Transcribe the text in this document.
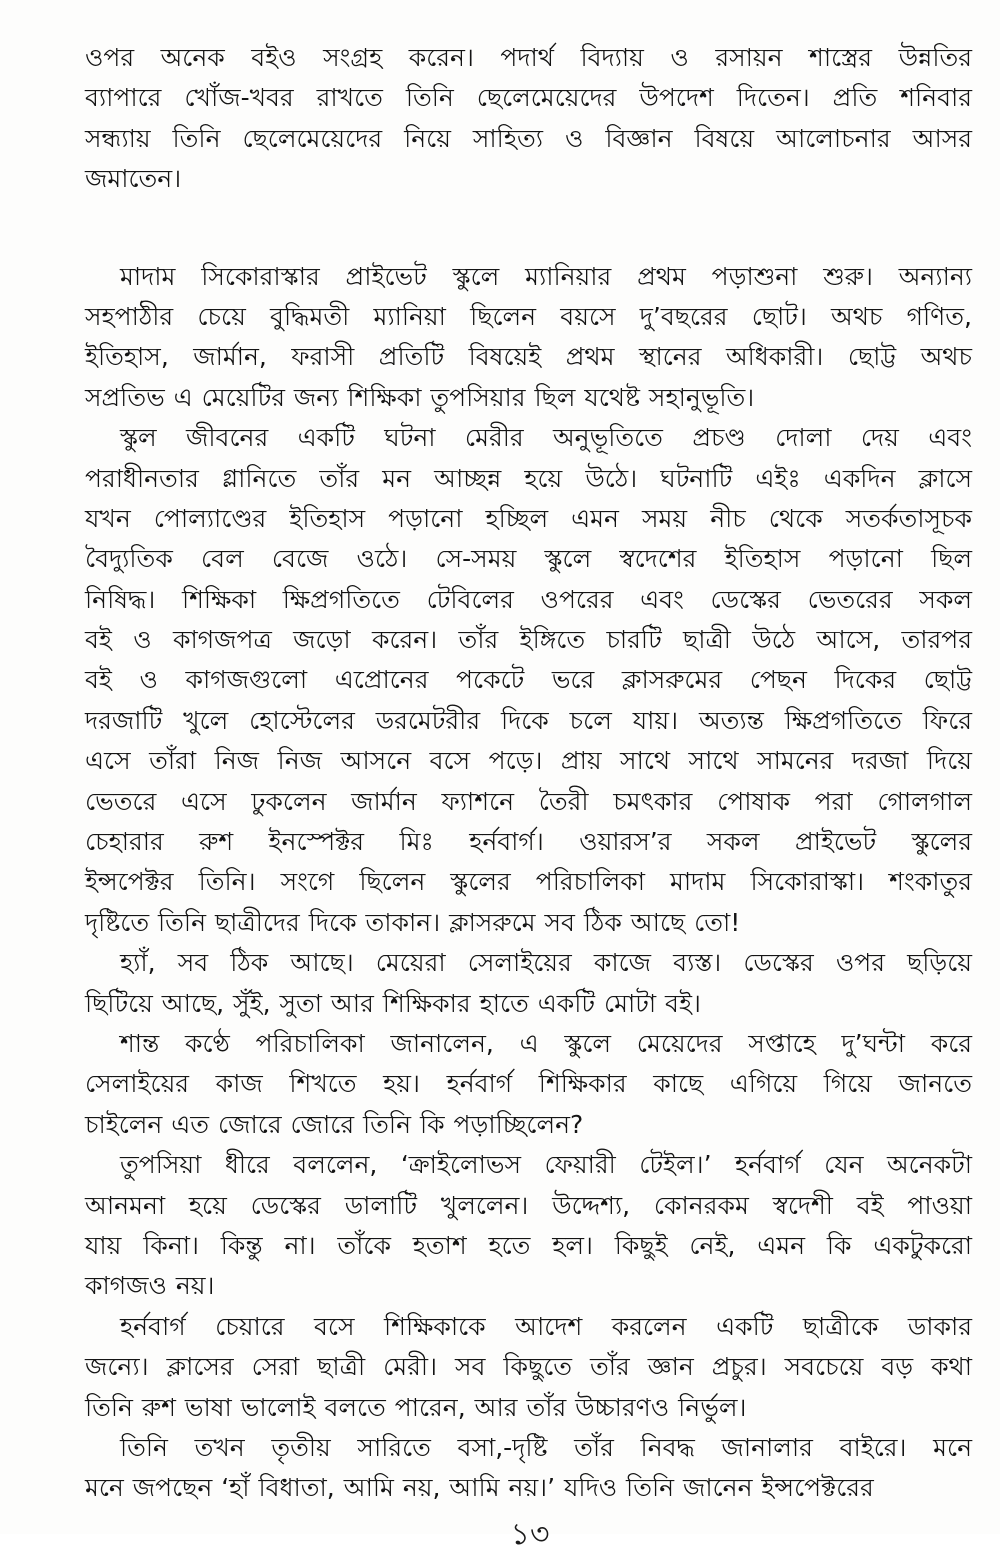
ওপর অনেক বইও সংগ্রহ করেন। পদার্থ বিদ্যায় ও রসায়ন শাস্ত্রের উন্নতির
ব্যাপারে খোঁজ-খবর রাখতে তিনি ছেলেমেয়েদের উপদেশ দিতেন। প্রতি শনিবার
সন্ধ্যায় তিনি ছেলেমেয়েদের নিয়ে সাহিত্য ও বিজ্ঞান বিষয়ে আলোচনার আসর
জমাতেন।
মাদাম সিকোরাস্কার প্রাইভেট স্কুলে ম্যানিয়ার প্রথম পড়াশুনা শুরু। অন্যান্য
সহপাঠীর চেয়ে বুদ্ধিমতী ম্যানিয়া ছিলেন বয়সে দু’বছরের ছোট। অথচ গণিত,
ইতিহাস, জার্মান, ফরাসী প্রতিটি বিষয়েই প্রথম স্থানের অধিকারী। ছোট্ট অথচ
সপ্রতিভ এ মেয়েটির জন্য শিক্ষিকা তুপসিয়ার ছিল যথেষ্ট সহানুভূতি।
স্কুল জীবনের একটি ঘটনা মেরীর অনুভূতিতে প্রচণ্ড দোলা দেয় এবং
পরাধীনতার গ্লানিতে তাঁর মন আচ্ছন্ন হয়ে উঠে। ঘটনাটি এইঃ একদিন ক্লাসে
যখন পোল্যাণ্ডের ইতিহাস পড়ানো হচ্ছিল এমন সময় নীচ থেকে সতর্কতাসূচক
বৈদ্যুতিক বেল বেজে ওঠে। সে-সময় স্কুলে স্বদেশের ইতিহাস পড়ানো ছিল
নিষিদ্ধ। শিক্ষিকা ক্ষিপ্রগতিতে টেবিলের ওপরের এবং ডেস্কের ভেতরের সকল
বই ও কাগজপত্র জড়ো করেন। তাঁর ইঙ্গিতে চারটি ছাত্রী উঠে আসে, তারপর
বই ও কাগজগুলো এপ্রোনের পকেটে ভরে ক্লাসরুমের পেছন দিকের ছোট্ট
দরজাটি খুলে হোস্টেলের ডরমেটরীর দিকে চলে যায়। অত্যন্ত ক্ষিপ্রগতিতে ফিরে
এসে তাঁরা নিজ নিজ আসনে বসে পড়ে। প্রায় সাথে সাথে সামনের দরজা দিয়ে
ভেতরে এসে ঢুকলেন জার্মান ফ্যাশনে তৈরী চমৎকার পোষাক পরা গোলগাল
চেহারার রুশ ইনস্পেক্টর মিঃ হর্নবার্গ। ওয়ারস’র সকল প্রাইভেট স্কুলের
ইন্সপেক্টর তিনি। সংগে ছিলেন স্কুলের পরিচালিকা মাদাম সিকোরাস্কা। শংকাতুর
দৃষ্টিতে তিনি ছাত্রীদের দিকে তাকান। ক্লাসরুমে সব ঠিক আছে তো!
হ্যাঁ, সব ঠিক আছে। মেয়েরা সেলাইয়ের কাজে ব্যস্ত। ডেস্কের ওপর ছড়িয়ে
ছিটিয়ে আছে, সুঁই, সুতা আর শিক্ষিকার হাতে একটি মোটা বই।
শান্ত কণ্ঠে পরিচালিকা জানালেন, এ স্কুলে মেয়েদের সপ্তাহে দু’ঘন্টা করে
সেলাইয়ের কাজ শিখতে হয়। হর্নবার্গ শিক্ষিকার কাছে এগিয়ে গিয়ে জানতে
চাইলেন এত জোরে জোরে তিনি কি পড়াচ্ছিলেন?
তুপসিয়া ধীরে বললেন, ‘ক্রাইলোভস ফেয়ারী টেইল।’ হর্নবার্গ যেন অনেকটা
আনমনা হয়ে ডেস্কের ডালাটি খুললেন। উদ্দেশ্য, কোনরকম স্বদেশী বই পাওয়া
যায় কিনা। কিন্তু না। তাঁকে হতাশ হতে হল। কিছুই নেই, এমন কি একটুকরো
কাগজও নয়।
হর্নবার্গ চেয়ারে বসে শিক্ষিকাকে আদেশ করলেন একটি ছাত্রীকে ডাকার
জন্যে। ক্লাসের সেরা ছাত্রী মেরী। সব কিছুতে তাঁর জ্ঞান প্রচুর। সবচেয়ে বড় কথা
তিনি রুশ ভাষা ভালোই বলতে পারেন, আর তাঁর উচ্চারণও নির্ভুল।
তিনি তখন তৃতীয় সারিতে বসা,-দৃষ্টি তাঁর নিবদ্ধ জানালার বাইরে। মনে
মনে জপছেন ‘হাঁ বিধাতা, আমি নয়, আমি নয়।’ যদিও তিনি জানেন ইন্সপেক্টরের
১৩
